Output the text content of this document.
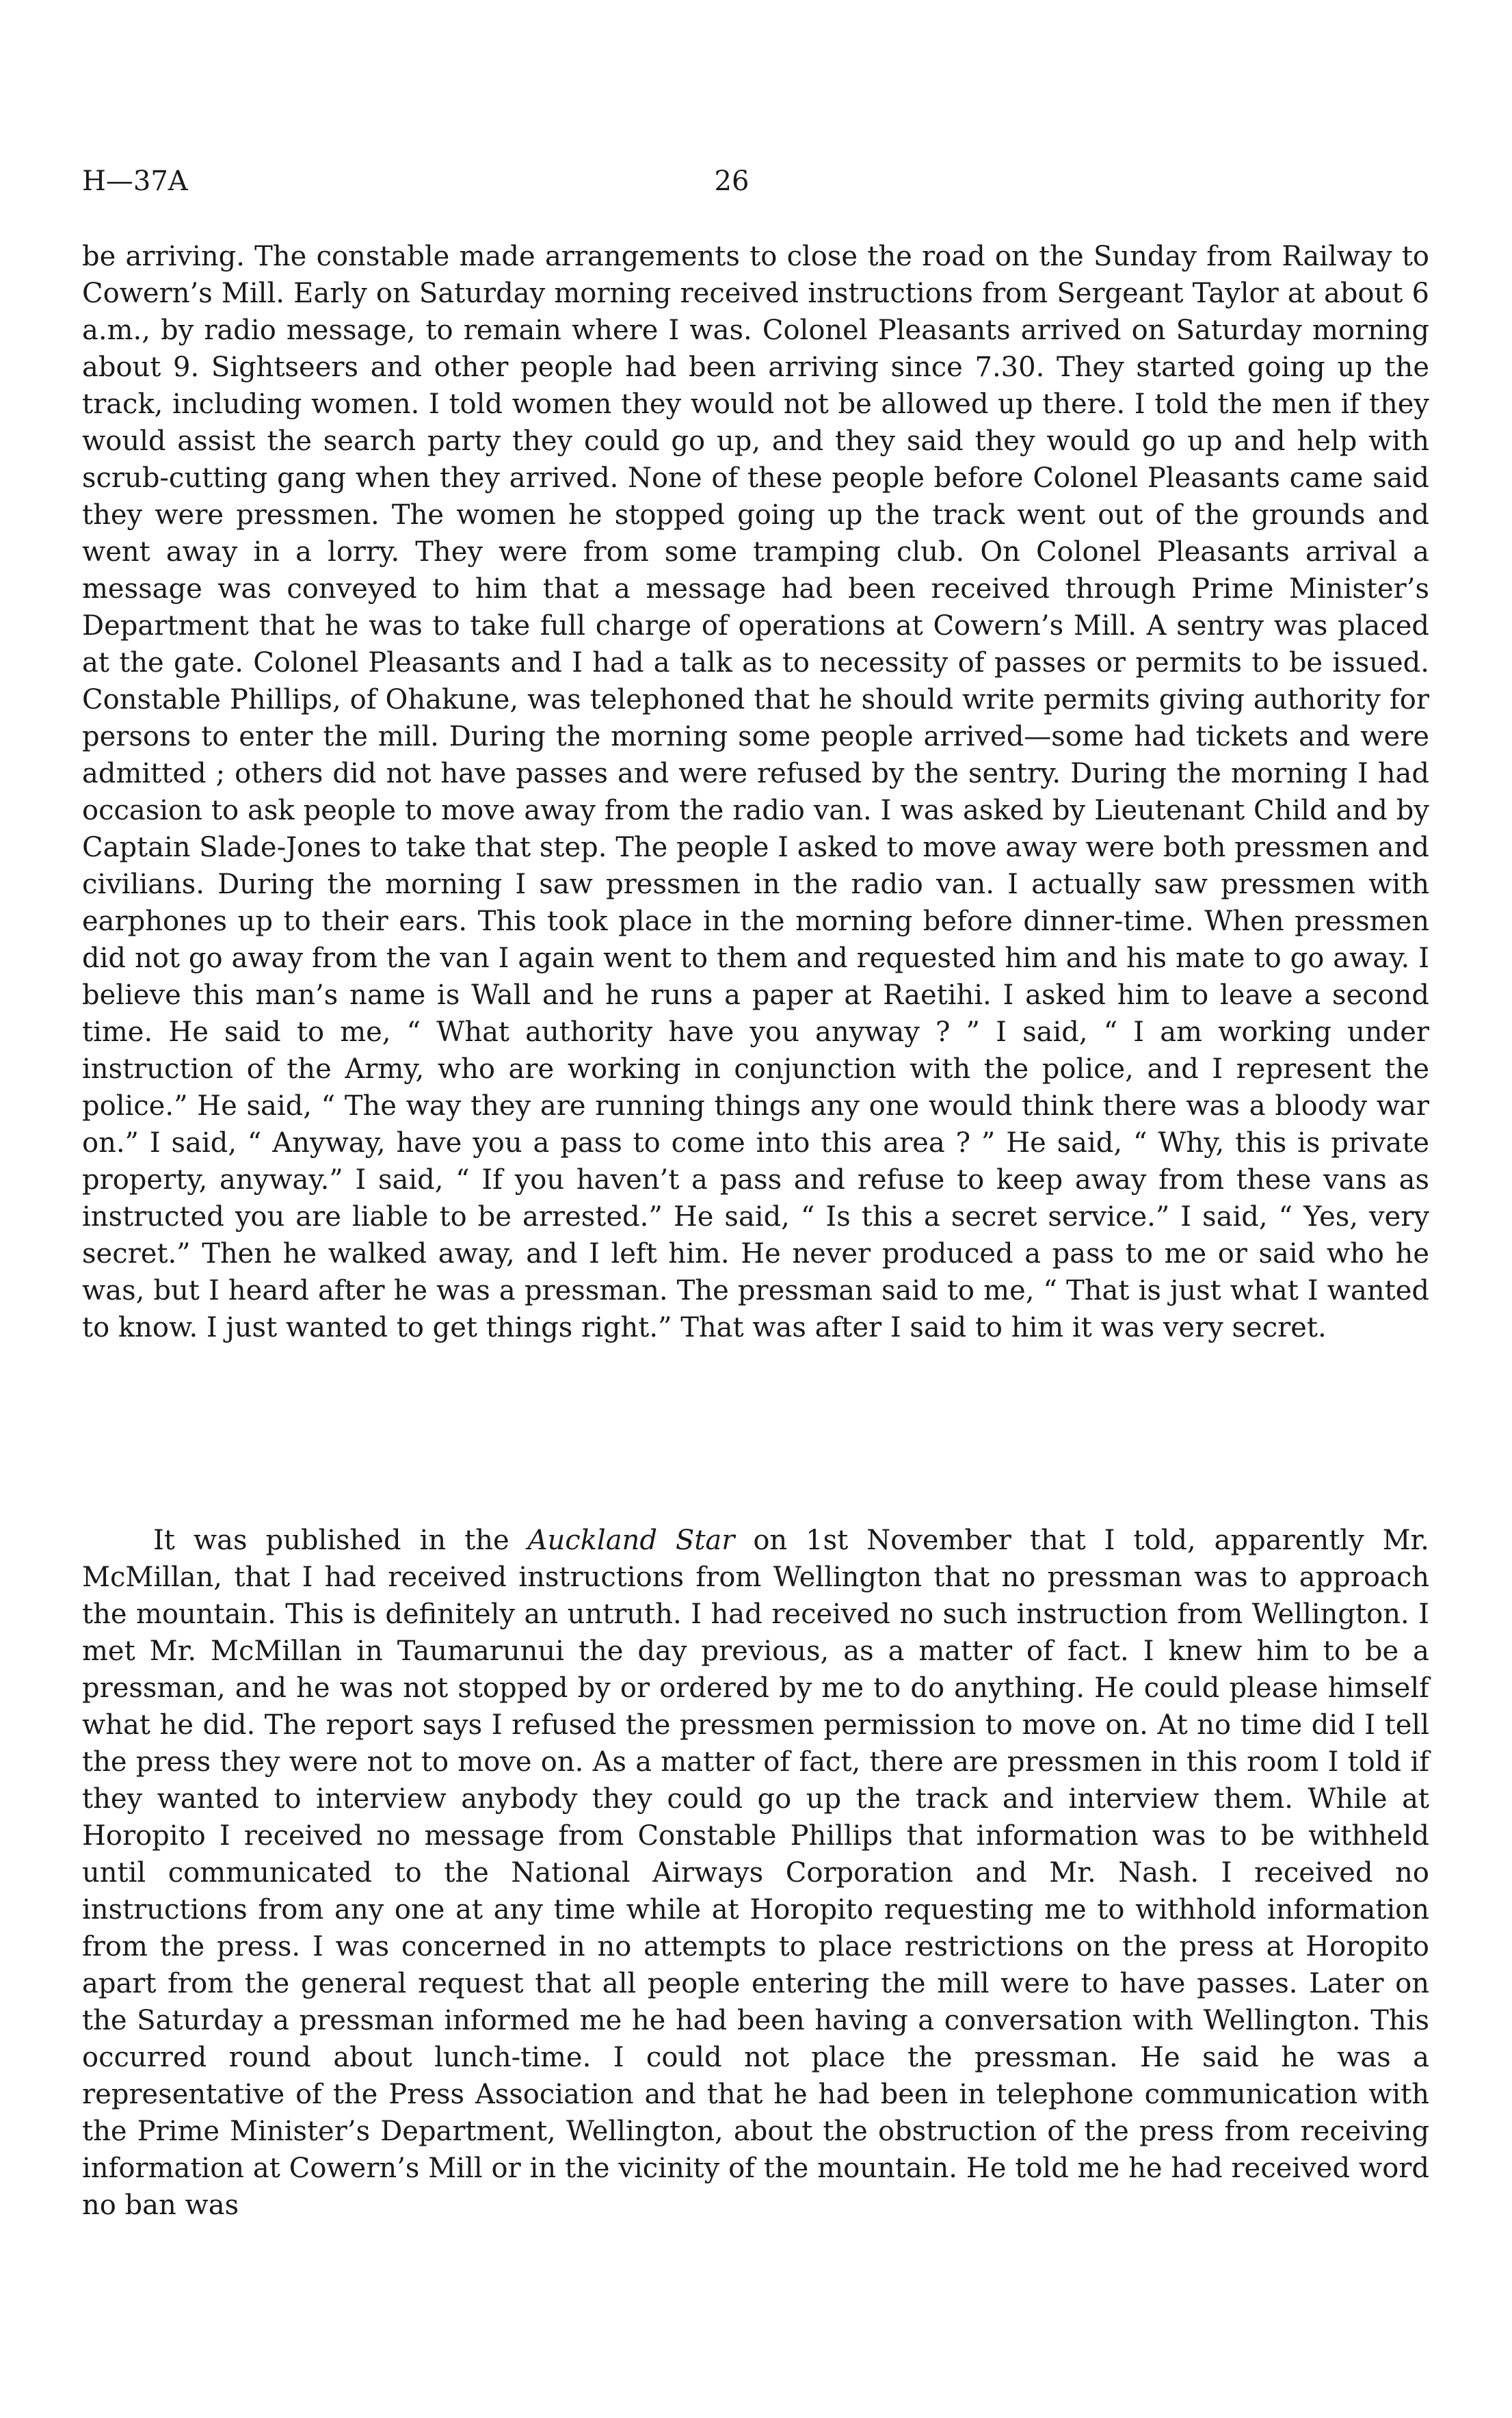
H—37A	26

be arriving. The constable made arrangements to close the road on the Sunday from Railway to Cowern’s Mill. Early on Saturday morning received instructions from Sergeant Taylor at about 6 a.m., by radio message, to remain where I was. Colonel Pleasants arrived on Saturday morning about 9. Sightseers and other people had been arriving since 7.30. They started going up the track, including women. I told women they would not be allowed up there. I told the men if they would assist the search party they could go up, and they said they would go up and help with scrub-cutting gang when they arrived. None of these people before Colonel Pleasants came said they were pressmen. The women he stopped going up the track went out of the grounds and went away in a lorry. They were from some tramping club. On Colonel Pleasants arrival a message was conveyed to him that a message had been received through Prime Minister’s Department that he was to take full charge of operations at Cowern’s Mill. A sentry was placed at the gate. Colonel Pleasants and I had a talk as to necessity of passes or permits to be issued. Constable Phillips, of Ohakune, was telephoned that he should write permits giving authority for persons to enter the mill. During the morning some people arrived—some had tickets and were admitted ; others did not have passes and were refused by the sentry. During the morning I had occasion to ask people to move away from the radio van. I was asked by Lieutenant Child and by Captain Slade-Jones to take that step. The people I asked to move away were both pressmen and civilians. During the morning I saw pressmen in the radio van. I actually saw pressmen with earphones up to their ears. This took place in the morning before dinner-time. When pressmen did not go away from the van I again went to them and requested him and his mate to go away. I believe this man’s name is Wall and he runs a paper at Raetihi. I asked him to leave a second time. He said to me, “ What authority have you anyway ? ” I said, “ I am working under instruction of the Army, who are working in conjunction with the police, and I represent the police.” He said, “ The way they are running things any one would think there was a bloody war on.” I said, “ Anyway, have you a pass to come into this area ? ” He said, “ Why, this is private property, anyway.” I said, “ If you haven’t a pass and refuse to keep away from these vans as instructed you are liable to be arrested.” He said, “ Is this a secret service.” I said, “ Yes, very secret.” Then he walked away, and I left him. He never produced a pass to me or said who he was, but I heard after he was a pressman. The pressman said to me, “ That is just what I wanted to know. I just wanted to get things right.” That was after I said to him it was very secret.

It was published in the Auckland Star on 1st November that I told, apparently Mr. McMillan, that I had received instructions from Wellington that no pressman was to approach the mountain. This is definitely an untruth. I had received no such instruction from Wellington. I met Mr. McMillan in Taumarunui the day previous, as a matter of fact. I knew him to be a pressman, and he was not stopped by or ordered by me to do anything. He could please himself what he did. The report says I refused the pressmen permission to move on. At no time did I tell the press they were not to move on. As a matter of fact, there are pressmen in this room I told if they wanted to interview anybody they could go up the track and interview them. While at Horopito I received no message from Constable Phillips that information was to be withheld until communicated to the National Airways Corporation and Mr. Nash. I received no instructions from any one at any time while at Horopito requesting me to withhold information from the press. I was concerned in no attempts to place restrictions on the press at Horopito apart from the general request that all people entering the mill were to have passes. Later on the Saturday a pressman informed me he had been having a conversation with Wellington. This occurred round about lunch-time. I could not place the pressman. He said he was a representative of the Press Association and that he had been in telephone communication with the Prime Minister’s Department, Wellington, about the obstruction of the press from receiving information at Cowern’s Mill or in the vicinity of the mountain. He told me he had received word no ban was
